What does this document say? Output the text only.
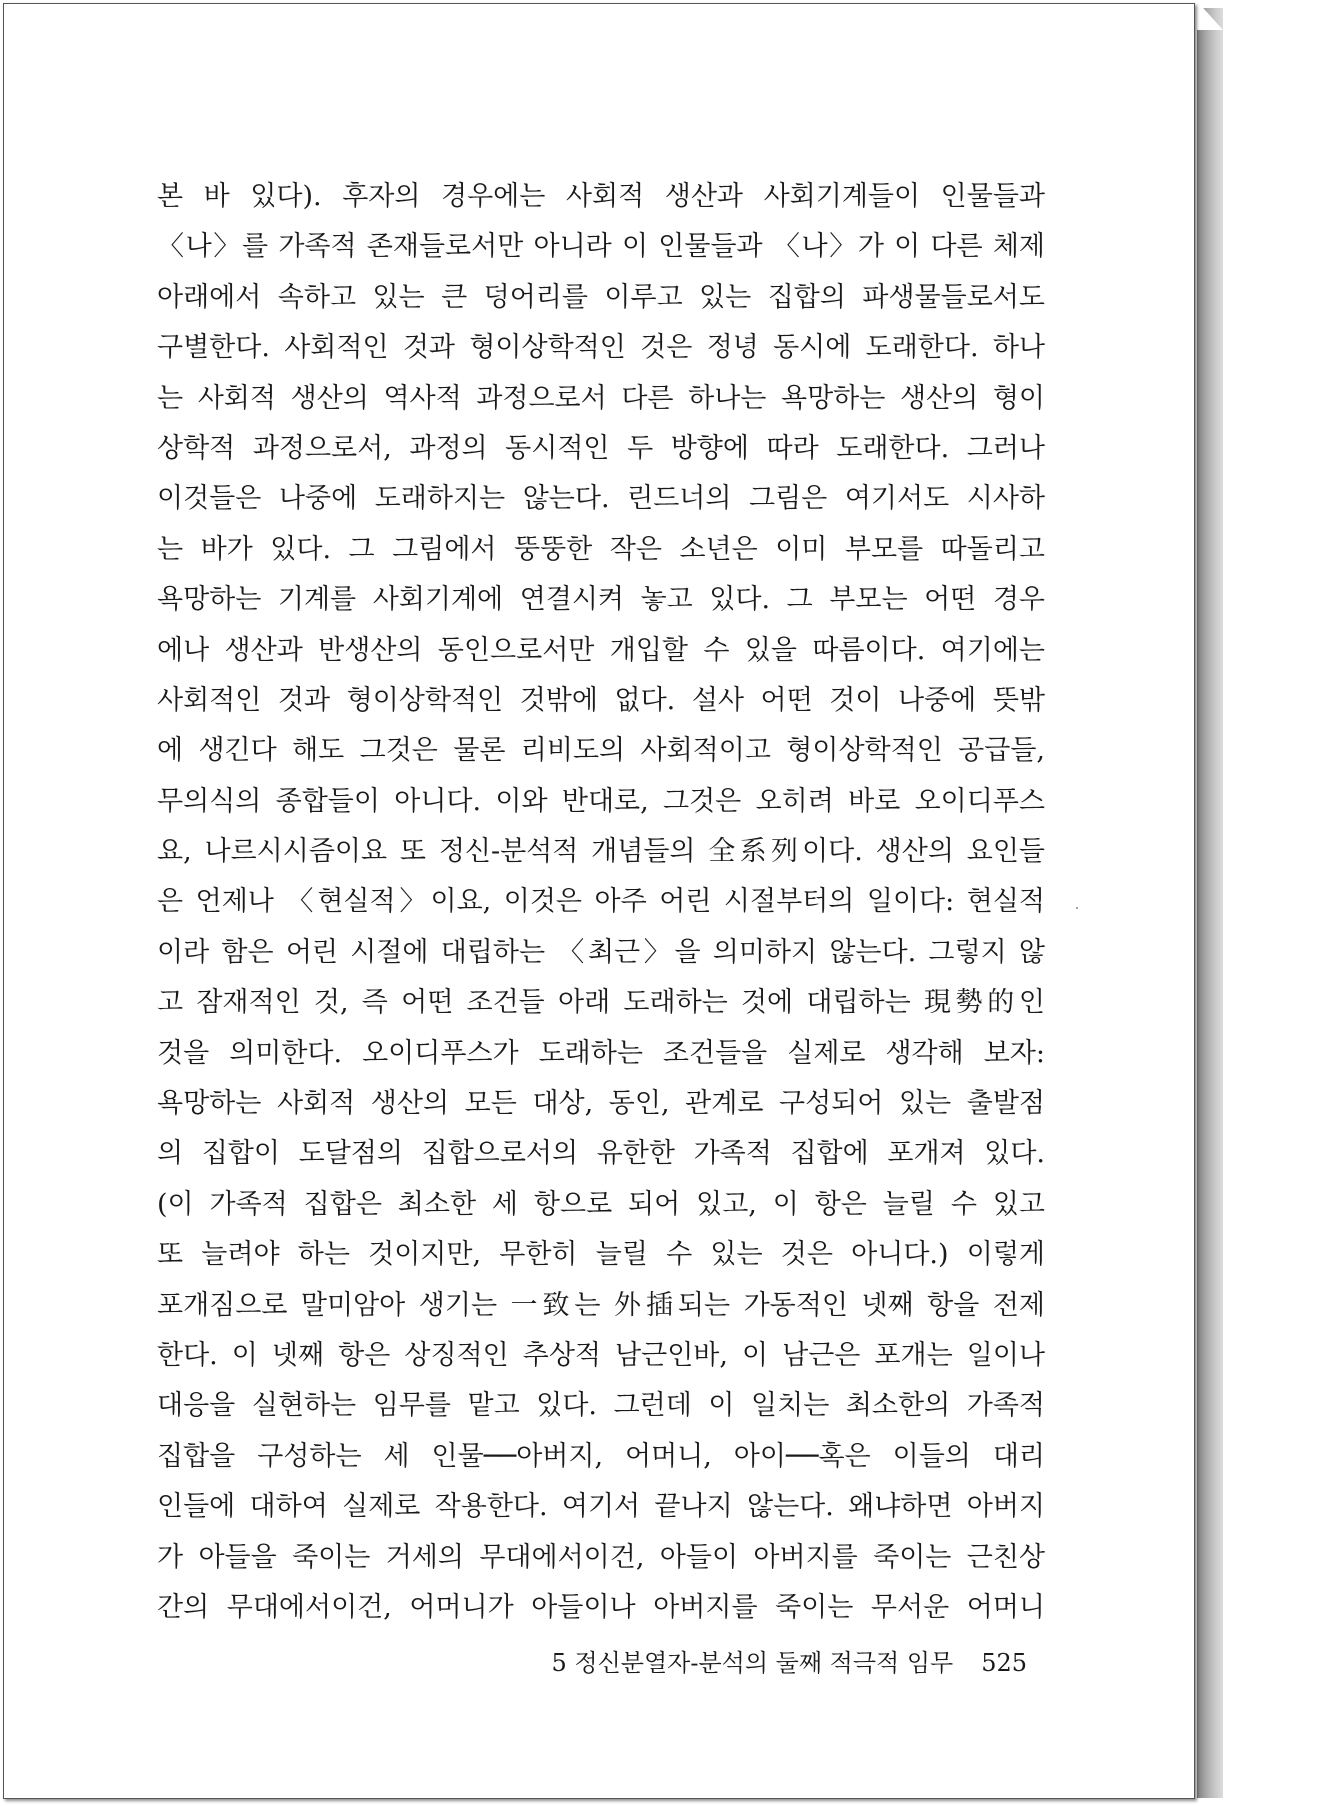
본 바 있다). 후자의 경우에는 사회적 생산과 사회기계들이 인물들과
〈나〉를 가족적 존재들로서만 아니라 이 인물들과 〈나〉가 이 다른 체제
아래에서 속하고 있는 큰 덩어리를 이루고 있는 집합의 파생물들로서도
구별한다. 사회적인 것과 형이상학적인 것은 정녕 동시에 도래한다. 하나
는 사회적 생산의 역사적 과정으로서 다른 하나는 욕망하는 생산의 형이
상학적 과정으로서, 과정의 동시적인 두 방향에 따라 도래한다. 그러나
이것들은 나중에 도래하지는 않는다. 린드너의 그림은 여기서도 시사하
는 바가 있다. 그 그림에서 뚱뚱한 작은 소년은 이미 부모를 따돌리고
욕망하는 기계를 사회기계에 연결시켜 놓고 있다. 그 부모는 어떤 경우
에나 생산과 반생산의 동인으로서만 개입할 수 있을 따름이다. 여기에는
사회적인 것과 형이상학적인 것밖에 없다. 설사 어떤 것이 나중에 뜻밖
에 생긴다 해도 그것은 물론 리비도의 사회적이고 형이상학적인 공급들,
무의식의 종합들이 아니다. 이와 반대로, 그것은 오히려 바로 오이디푸스
요, 나르시시즘이요 또 정신-분석적 개념들의 全系列이다. 생산의 요인들
은 언제나 〈현실적〉이요, 이것은 아주 어린 시절부터의 일이다: 현실적
이라 함은 어린 시절에 대립하는 〈최근〉을 의미하지 않는다. 그렇지 않
고 잠재적인 것, 즉 어떤 조건들 아래 도래하는 것에 대립하는 現勢的인
것을 의미한다. 오이디푸스가 도래하는 조건들을 실제로 생각해 보자:
욕망하는 사회적 생산의 모든 대상, 동인, 관계로 구성되어 있는 출발점
의 집합이 도달점의 집합으로서의 유한한 가족적 집합에 포개져 있다.
(이 가족적 집합은 최소한 세 항으로 되어 있고, 이 항은 늘릴 수 있고
또 늘려야 하는 것이지만, 무한히 늘릴 수 있는 것은 아니다.) 이렇게
포개짐으로 말미암아 생기는 一致는 外插되는 가동적인 넷째 항을 전제
한다. 이 넷째 항은 상징적인 추상적 남근인바, 이 남근은 포개는 일이나
대응을 실현하는 임무를 맡고 있다. 그런데 이 일치는 최소한의 가족적
집합을 구성하는 세 인물──아버지, 어머니, 아이──혹은 이들의 대리
인들에 대하여 실제로 작용한다. 여기서 끝나지 않는다. 왜냐하면 아버지
가 아들을 죽이는 거세의 무대에서이건, 아들이 아버지를 죽이는 근친상
간의 무대에서이건, 어머니가 아들이나 아버지를 죽이는 무서운 어머니
5 정신분열자-분석의 둘째 적극적 임무 525
